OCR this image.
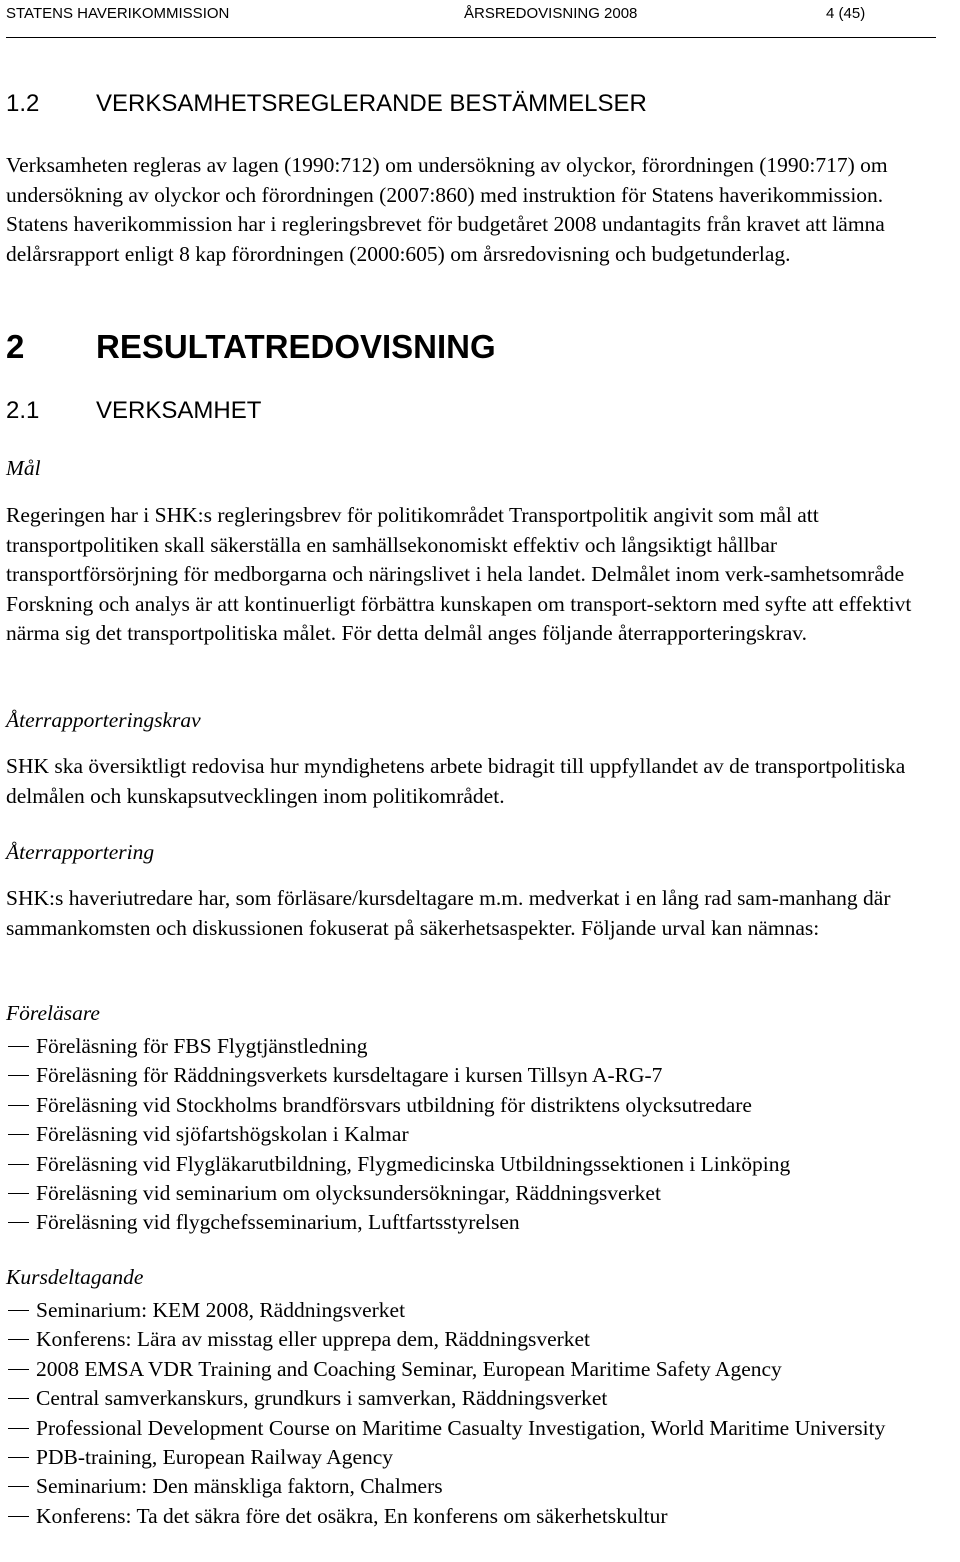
STATENS HAVERIKOMMISSION	ÅRSREDOVISNING 2008	4 (45)
1.2 VERKSAMHETSREGLERANDE BESTÄMMELSER

Verksamheten regleras av lagen (1990:712) om undersökning av olyckor, förordningen (1990:717) om undersökning av olyckor och förordningen (2007:860) med instruktion för Statens haverikommission. Statens haverikommission har i regleringsbrevet för budgetåret 2008 undantagits från kravet att lämna delårsrapport enligt 8 kap förordningen (2000:605) om årsredovisning och budgetunderlag.

2 RESULTATREDOVISNING
2.1 VERKSAMHET

Mål

Regeringen har i SHK:s regleringsbrev för politikområdet Transportpolitik angivit som mål att transportpolitiken skall säkerställa en samhällsekonomiskt effektiv och långsiktigt hållbar transportförsörjning för medborgarna och näringslivet i hela landet. Delmålet inom verk-samhetsområde Forskning och analys är att kontinuerligt förbättra kunskapen om transport-sektorn med syfte att effektivt närma sig det transportpolitiska målet. För detta delmål anges följande återrapporteringskrav.

Återrapporteringskrav

SHK ska översiktligt redovisa hur myndighetens arbete bidragit till uppfyllandet av de transportpolitiska delmålen och kunskapsutvecklingen inom politikområdet.

Återrapportering

SHK:s haveriutredare har, som förläsare/kursdeltagare m.m. medverkat i en lång rad sam-manhang där sammankomsten och diskussionen fokuserat på säkerhetsaspekter. Följande urval kan nämnas:

Föreläsare

Föreläsning för FBS Flygtjänstledning
Föreläsning för Räddningsverkets kursdeltagare i kursen Tillsyn A-RG-7
Föreläsning vid Stockholms brandförsvars utbildning för distriktens olycksutredare
Föreläsning vid sjöfartshögskolan i Kalmar
Föreläsning vid Flygläkarutbildning, Flygmedicinska Utbildningssektionen i Linköping
Föreläsning vid seminarium om olycksundersökningar, Räddningsverket
Föreläsning vid flygchefsseminarium, Luftfartsstyrelsen

Kursdeltagande

Seminarium: KEM 2008, Räddningsverket
Konferens: Lära av misstag eller upprepa dem, Räddningsverket
2008 EMSA VDR Training and Coaching Seminar, European Maritime Safety Agency
Central samverkanskurs, grundkurs i samverkan, Räddningsverket
Professional Development Course on Maritime Casualty Investigation, World Maritime University
PDB-training, European Railway Agency
Seminarium: Den mänskliga faktorn, Chalmers
Konferens: Ta det säkra före det osäkra, En konferens om säkerhetskultur
